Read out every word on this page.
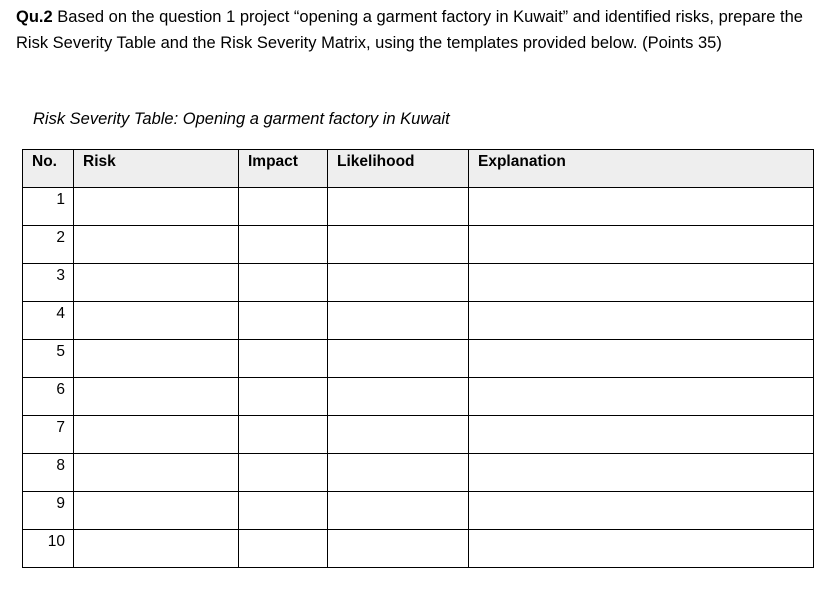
Qu.2 Based on the question 1 project “opening a garment factory in Kuwait” and identified risks, prepare the Risk Severity Table and the Risk Severity Matrix, using the templates provided below. (Points 35)
Risk Severity Table: Opening a garment factory in Kuwait
No.	Risk	Impact	Likelihood	Explanation
1				
2				
3				
4				
5				
6				
7				
8				
9				
10				
